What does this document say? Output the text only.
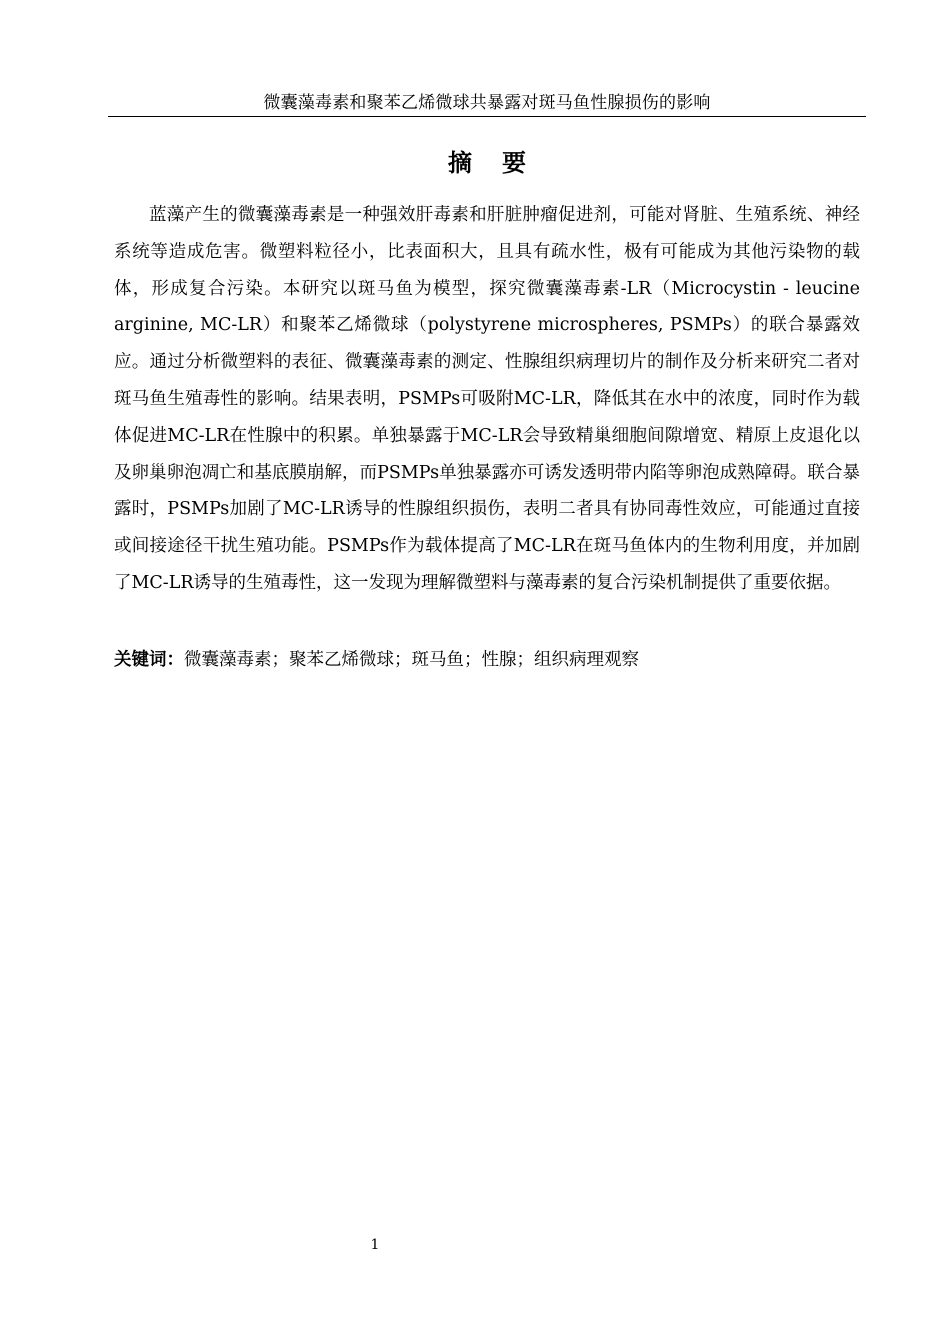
微囊藻毒素和聚苯乙烯微球共暴露对斑马鱼性腺损伤的影响
摘要

蓝藻产生的微囊藻毒素是一种强效肝毒素和肝脏肿瘤促进剂，可能对肾脏、生殖系统、神经系统等造成危害。微塑料粒径小，比表面积大，且具有疏水性，极有可能成为其他污染物的载体，形成复合污染。本研究以斑马鱼为模型，探究微囊藻毒素-LR（Microcystin - leucine arginine, MC-LR）和聚苯乙烯微球（polystyrene microspheres, PSMPs）的联合暴露效应。通过分析微塑料的表征、微囊藻毒素的测定、性腺组织病理切片的制作及分析来研究二者对斑马鱼生殖毒性的影响。结果表明，PSMPs可吸附MC-LR，降低其在水中的浓度，同时作为载体促进MC-LR在性腺中的积累。单独暴露于MC-LR会导致精巢细胞间隙增宽、精原上皮退化以及卵巢卵泡凋亡和基底膜崩解，而PSMPs单独暴露亦可诱发透明带内陷等卵泡成熟障碍。联合暴露时，PSMPs加剧了MC-LR诱导的性腺组织损伤，表明二者具有协同毒性效应，可能通过直接或间接途径干扰生殖功能。PSMPs作为载体提高了MC-LR在斑马鱼体内的生物利用度，并加剧了MC-LR诱导的生殖毒性，这一发现为理解微塑料与藻毒素的复合污染机制提供了重要依据。

关键词：微囊藻毒素；聚苯乙烯微球；斑马鱼；性腺；组织病理观察

1
